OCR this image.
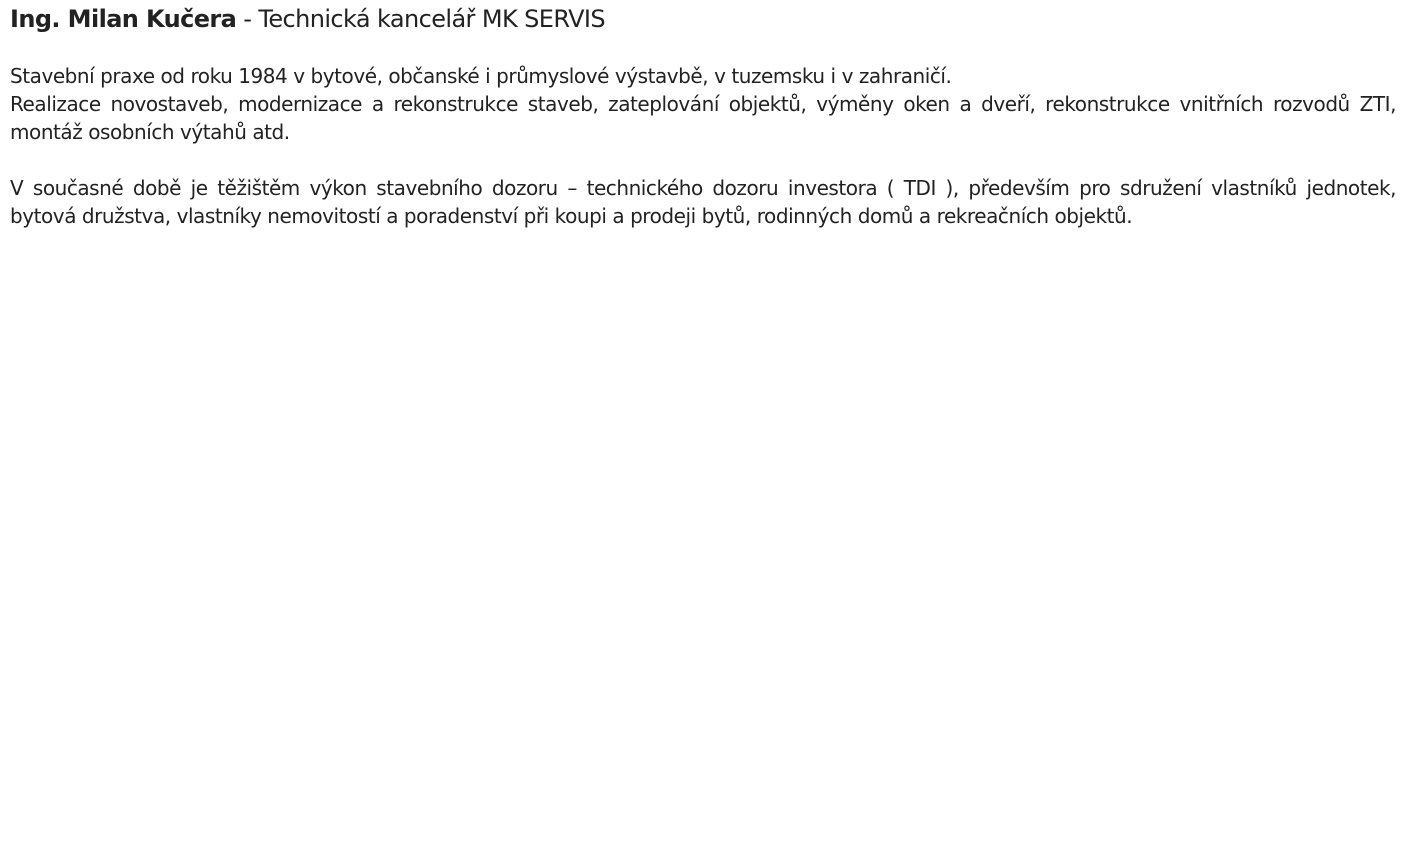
Ing. Milan Kučera - Technická kancelář MK SERVIS

Stavební praxe od roku 1984 v bytové, občanské i průmyslové výstavbě, v tuzemsku i v zahraničí.

Realizace novostaveb, modernizace a rekonstrukce staveb, zateplování objektů, výměny oken a dveří, rekonstrukce vnitřních rozvodů ZTI, montáž osobních výtahů atd.

V současné době je těžištěm výkon stavebního dozoru – technického dozoru investora ( TDI ), především pro sdružení vlastníků jednotek, bytová družstva, vlastníky nemovitostí a poradenství při koupi a prodeji bytů, rodinných domů a rekreačních objektů.
